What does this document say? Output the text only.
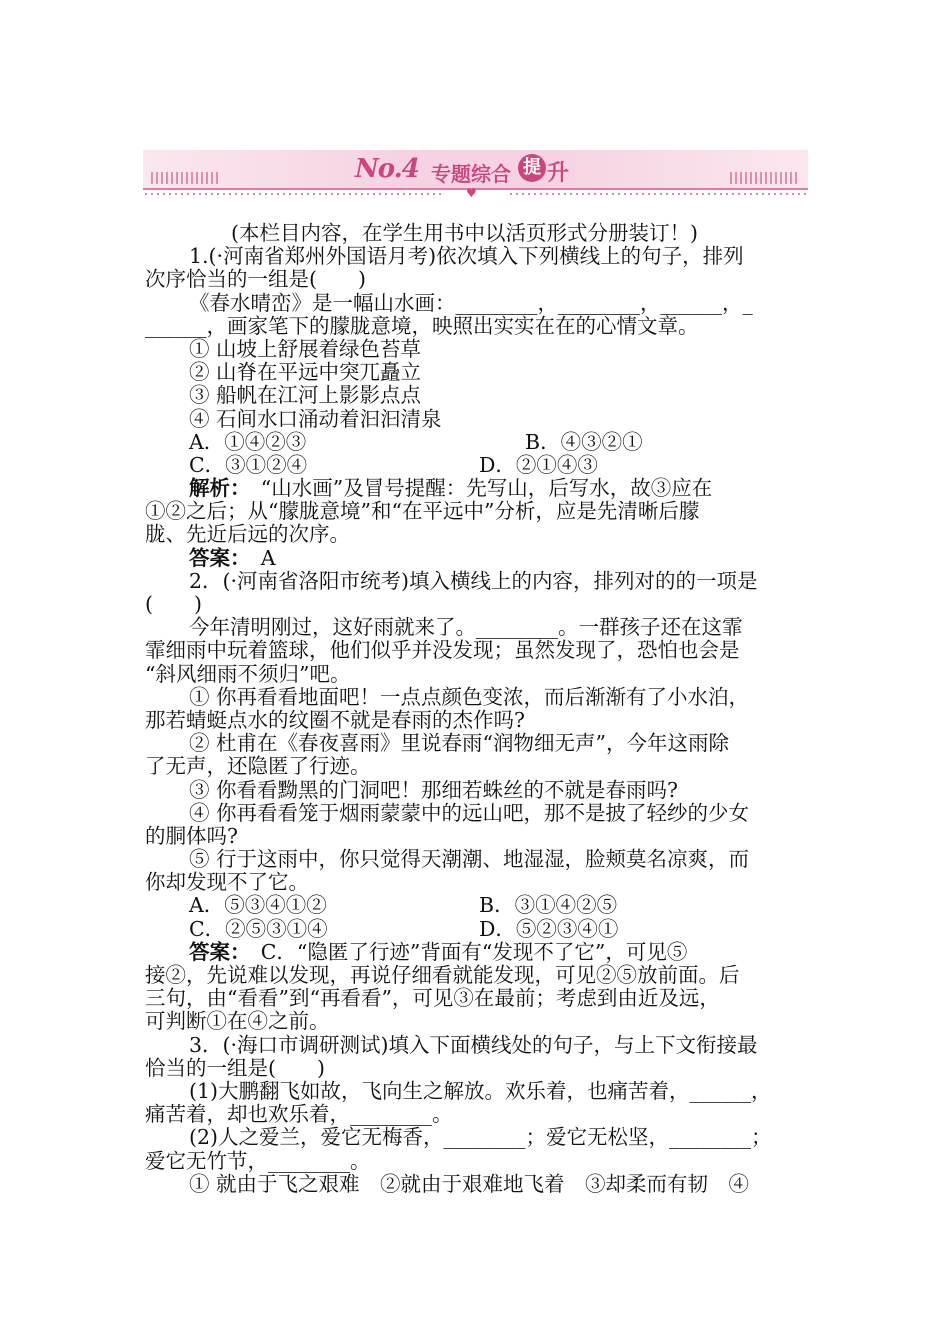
♥
No.4 专题综合 提 升
(本栏目内容，在学生用书中以活页形式分册装订！)
1.(·河南省郑州外国语月考)依次填入下列横线上的句子，排列
次序恰当的一组是(　　)
《春水晴峦》是一幅山水画：________，________，______，_
______，画家笔下的朦胧意境，映照出实实在在的心情文章。
① 山坡上舒展着绿色苔草
② 山脊在平远中突兀矗立
③ 船帆在江河上影影点点
④ 石间水口涌动着汩汩清泉
A．①④②③	B．④③②①
C．③①②④	D．②①④③
解析：　“山水画”及冒号提醒：先写山，后写水，故③应在
①②之后；从“朦胧意境”和“在平远中”分析，应是先清晰后朦
胧、先近后远的次序。
答案：　A
2．(·河南省洛阳市统考)填入横线上的内容，排列对的的一项是
(　　)
今年清明刚过，这好雨就来了。________。一群孩子还在这霏
霏细雨中玩着篮球，他们似乎并没发现；虽然发现了，恐怕也会是
“斜风细雨不须归”吧。
① 你再看看地面吧！一点点颜色变浓，而后渐渐有了小水泊，
那若蜻蜓点水的纹圈不就是春雨的杰作吗?
② 杜甫在《春夜喜雨》里说春雨“润物细无声”，今年这雨除
了无声，还隐匿了行迹。
③ 你看看黝黑的门洞吧！那细若蛛丝的不就是春雨吗?
④ 你再看看笼于烟雨蒙蒙中的远山吧，那不是披了轻纱的少女
的胴体吗?
⑤ 行于这雨中，你只觉得天潮潮、地湿湿，脸颊莫名凉爽，而
你却发现不了它。
A．⑤③④①②	B．③①④②⑤
C．②⑤③①④	D．⑤②③④①
答案：　C．“隐匿了行迹”背面有“发现不了它”，可见⑤
接②，先说难以发现，再说仔细看就能发现，可见②⑤放前面。后
三句，由“看看”到“再看看”，可见③在最前；考虑到由近及远，
可判断①在④之前。
3．(·海口市调研测试)填入下面横线处的句子，与上下文衔接最
恰当的一组是(　　)
(1)大鹏翻飞如故，飞向生之解放。欢乐着，也痛苦着，______，
痛苦着，却也欢乐着，________。
(2)人之爱兰，爱它无梅香，________；爱它无松坚，________；
爱它无竹节，________。
① 就由于飞之艰难　②就由于艰难地飞着　③却柔而有韧　④
